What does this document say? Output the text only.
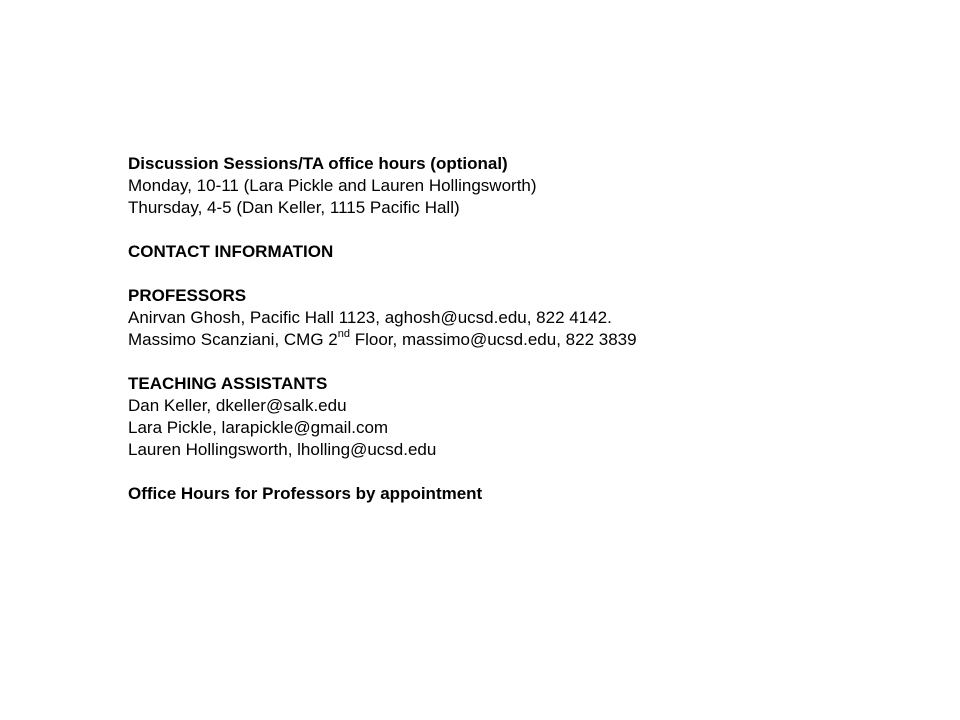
Discussion Sessions/TA office hours (optional)
Monday, 10-11 (Lara Pickle and Lauren Hollingsworth)
Thursday, 4-5 (Dan Keller, 1115 Pacific Hall)
CONTACT INFORMATION
PROFESSORS
Anirvan Ghosh, Pacific Hall 1123, aghosh@ucsd.edu, 822 4142.
Massimo Scanziani, CMG 2nd Floor, massimo@ucsd.edu, 822 3839
TEACHING ASSISTANTS
Dan Keller, dkeller@salk.edu
Lara Pickle, larapickle@gmail.com
Lauren Hollingsworth, lholling@ucsd.edu
Office Hours for Professors by appointment
